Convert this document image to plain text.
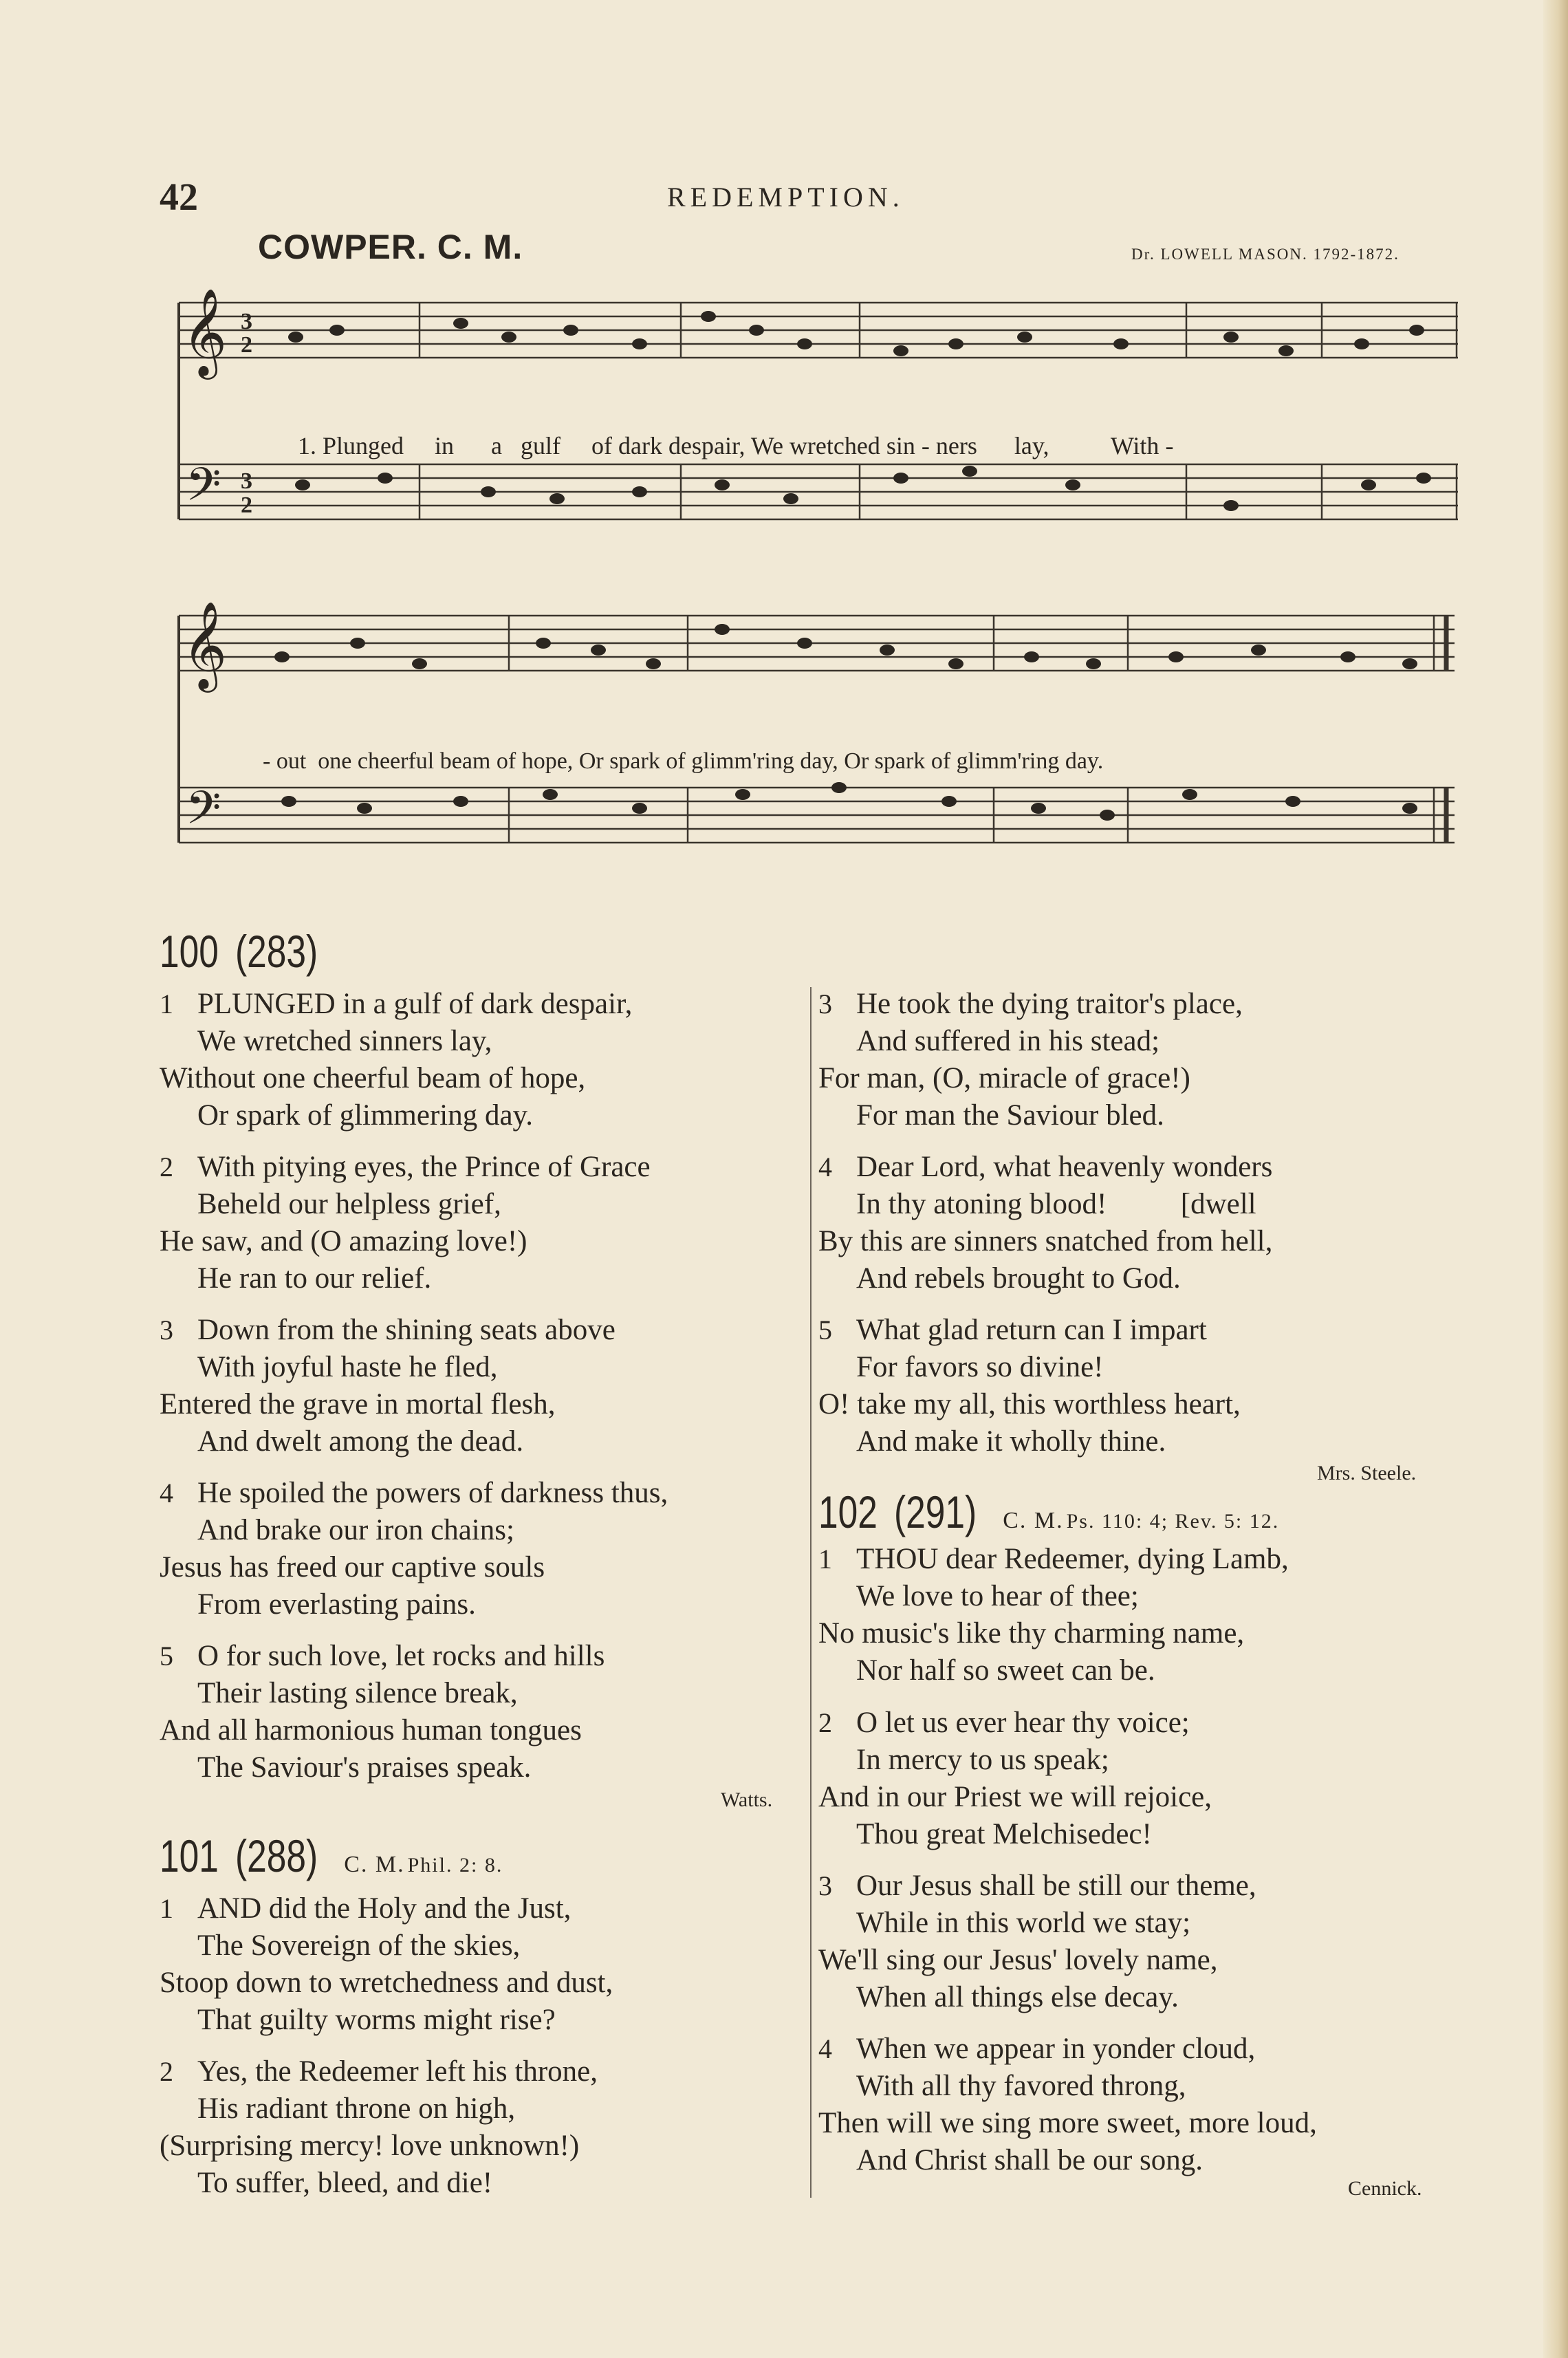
42	REDEMPTION.
COWPER. C. M.	Dr. LOWELL MASON. 1792-1872.
𝄞
𝄢
3
2
3
2

1. Plunged in a gulf of dark despair, We wretched sin - ners lay, With -

𝄞
𝄢

- out one cheerful beam of hope, Or spark of glimm'ring day, Or spark of glimm'ring day.

100 (283)
1 PLUNGED in a gulf of dark despair,
We wretched sinners lay,
Without one cheerful beam of hope,
Or spark of glimmering day.
2 With pitying eyes, the Prince of Grace
Beheld our helpless grief,
He saw, and (O amazing love!)
He ran to our relief.
3 Down from the shining seats above
With joyful haste he fled,
Entered the grave in mortal flesh,
And dwelt among the dead.
4 He spoiled the powers of darkness thus,
And brake our iron chains;
Jesus has freed our captive souls
From everlasting pains.
5 O for such love, let rocks and hills
Their lasting silence break,
And all harmonious human tongues
The Saviour's praises speak.
Watts.
3 He took the dying traitor's place,
And suffered in his stead;
For man, (O, miracle of grace!)
For man the Saviour bled.
4 Dear Lord, what heavenly wonders
In thy atoning blood!          [dwell
By this are sinners snatched from hell,
And rebels brought to God.
5 What glad return can I impart
For favors so divine!
O! take my all, this worthless heart,
And make it wholly thine.
Mrs. Steele.
101 (288) C. M. Phil. 2: 8.
1 AND did the Holy and the Just,
The Sovereign of the skies,
Stoop down to wretchedness and dust,
That guilty worms might rise?
2 Yes, the Redeemer left his throne,
His radiant throne on high,
(Surprising mercy! love unknown!)
To suffer, bleed, and die!
102 (291) C. M. Ps. 110: 4; Rev. 5: 12.
1 THOU dear Redeemer, dying Lamb,
We love to hear of thee;
No music's like thy charming name,
Nor half so sweet can be.
2 O let us ever hear thy voice;
In mercy to us speak;
And in our Priest we will rejoice,
Thou great Melchisedec!
3 Our Jesus shall be still our theme,
While in this world we stay;
We'll sing our Jesus' lovely name,
When all things else decay.
4 When we appear in yonder cloud,
With all thy favored throng,
Then will we sing more sweet, more loud,
And Christ shall be our song.
Cennick.
